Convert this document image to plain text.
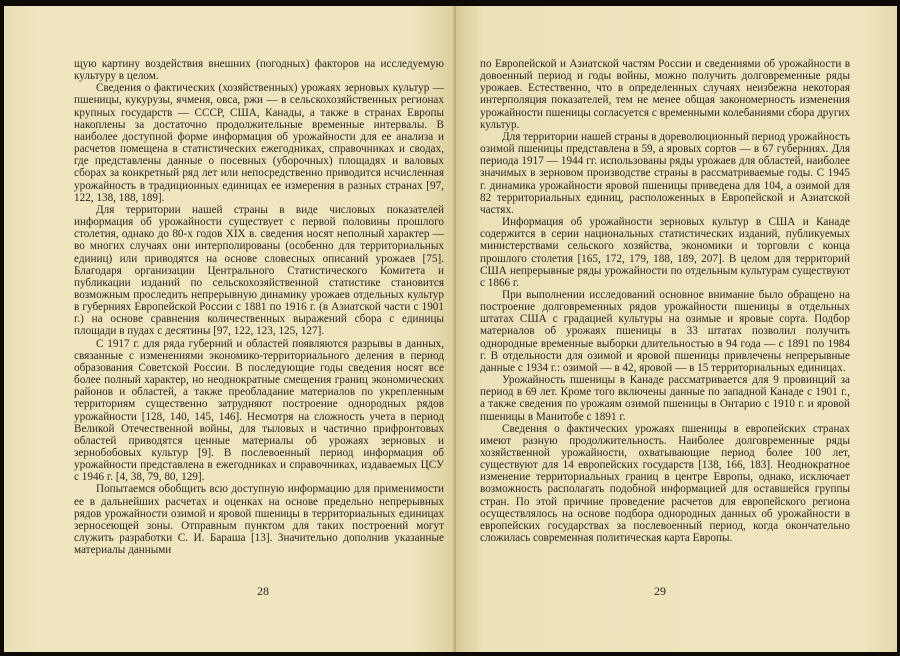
щую картину воздействия внешних (погодных) факторов на исследуемую культуру в целом.

Сведения о фактических (хозяйственных) урожаях зерновых культур — пшеницы, кукурузы, ячменя, овса, ржи — в сельскохозяйственных регионах крупных государств — СССР, США, Канады, а также в странах Европы накоплены за достаточно продолжительные временные интервалы. В наиболее доступной форме информация об урожайности для ее анализа и расчетов помещена в статистических ежегодниках, справочниках и сводах, где представлены данные о посевных (уборочных) площадях и валовых сборах за конкретный ряд лет или непосредственно приводится исчисленная урожайность в традиционных единицах ее измерения в разных странах [97, 122, 138, 188, 189].

Для территории нашей страны в виде числовых показателей информация об урожайности существует с первой половины прошлого столетия, однако до 80-х годов XIX в. сведения носят неполный характер — во многих случаях они интерполированы (особенно для территориальных единиц) или приводятся на основе словесных описаний урожаев [75]. Благодаря организации Центрального Статистического Комитета и публикации изданий по сельскохозяйственной статистике становится возможным проследить непрерывную динамику урожаев отдельных культур в губерниях Европейской России с 1881 по 1916 г. (в Азиатской части с 1901 г.) на основе сравнения количественных выражений сбора с единицы площади в пудах с десятины [97, 122, 123, 125, 127].

С 1917 г. для ряда губерний и областей появляются разрывы в данных, связанные с изменениями экономико-территориального деления в период образования Советской России. В последующие годы сведения носят все более полный характер, но неоднократные смещения границ экономических районов и областей, а также преобладание материалов по укрепленным территориям существенно затрудняют построение однородных рядов урожайности [128, 140, 145, 146]. Несмотря на сложность учета в период Великой Отечественной войны, для тыловых и частично прифронтовых областей приводятся ценные материалы об урожаях зерновых и зернобобовых культур [9]. В послевоенный период информация об урожайности представлена в ежегодниках и справочниках, издаваемых ЦСУ с 1946 г. [4, 38, 79, 80, 129].

Попытаемся обобщить всю доступную информацию для применимости ее в дальнейших расчетах и оценках на основе предельно непрерывных рядов урожайности озимой и яровой пшеницы в территориальных единицах зерносеющей зоны. Отправным пунктом для таких построений могут служить разработки С. И. Бараша [13]. Значительно дополнив указанные материалы данными

28

по Европейской и Азиатской частям России и сведениями об урожайности в довоенный период и годы войны, можно получить долговременные ряды урожаев. Естественно, что в определенных случаях неизбежна некоторая интерполяция показателей, тем не менее общая закономерность изменения урожайности пшеницы согласуется с временными колебаниями сбора других культур.

Для территории нашей страны в дореволюционный период урожайность озимой пшеницы представлена в 59, а яровых сортов — в 67 губерниях. Для периода 1917 — 1944 гг. использованы ряды урожаев для областей, наиболее значимых в зерновом производстве страны в рассматриваемые годы. С 1945 г. динамика урожайности яровой пшеницы приведена для 104, а озимой для 82 территориальных единиц, расположенных в Европейской и Азиатской частях.

Информация об урожайности зерновых культур в США и Канаде содержится в серии национальных статистических изданий, публикуемых министерствами сельского хозяйства, экономики и торговли с конца прошлого столетия [165, 172, 179, 188, 189, 207]. В целом для территорий США непрерывные ряды урожайности по отдельным культурам существуют с 1866 г.

При выполнении исследований основное внимание было обращено на построение долговременных рядов урожайности пшеницы в отдельных штатах США с градацией культуры на озимые и яровые сорта. Подбор материалов об урожаях пшеницы в 33 штатах позволил получить однородные временные выборки длительностью в 94 года — с 1891 по 1984 г. В отдельности для озимой и яровой пшеницы привлечены непрерывные данные с 1934 г.: озимой — в 42, яровой — в 15 территориальных единицах.

Урожайность пшеницы в Канаде рассматривается для 9 провинций за период в 69 лет. Кроме того включены данные по западной Канаде с 1901 г., а также сведения по урожаям озимой пшеницы в Онтарио с 1910 г. и яровой пшеницы в Манитобе с 1891 г.

Сведения о фактических урожаях пшеницы в европейских странах имеют разную продолжительность. Наиболее долговременные ряды хозяйственной урожайности, охватывающие период более 100 лет, существуют для 14 европейских государств [138, 166, 183]. Неоднократное изменение территориальных границ в центре Европы, однако, исключает возможность располагать подобной информацией для оставшейся группы стран. По этой причине проведение расчетов для европейского региона осуществлялось на основе подбора однородных данных об урожайности в европейских государствах за послевоенный период, когда окончательно сложилась современная политическая карта Европы.

29
